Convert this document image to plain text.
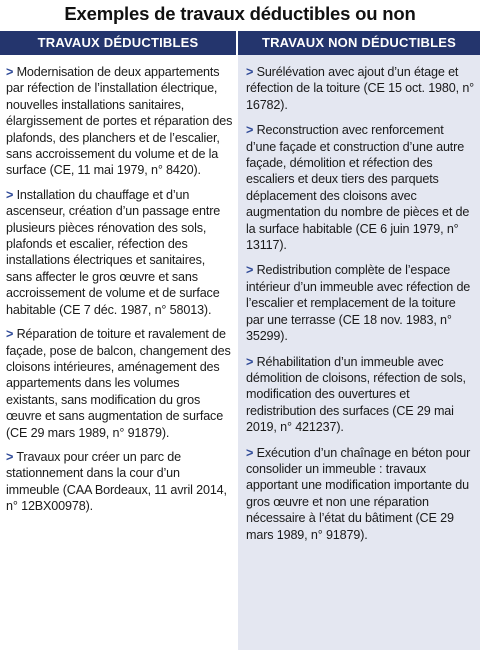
Exemples de travaux déductibles ou non
TRAVAUX DÉDUCTIBLES

> Modernisation de deux appartements par réfection de l’installation électrique, nouvelles installations sanitaires, élargissement de portes et réparation des plafonds, des planchers et de l’escalier, sans accroissement du volume et de la surface (CE, 11 mai 1979, n° 8420).

> Installation du chauffage et d’un ascenseur, création d’un passage entre plusieurs pièces rénovation des sols, plafonds et escalier, réfection des installations électriques et sanitaires, sans affecter le gros œuvre et sans accroissement de volume et de surface habitable (CE 7 déc. 1987, n° 58013).

> Réparation de toiture et ravalement de façade, pose de balcon, changement des cloisons intérieures, aménagement des appartements dans les volumes existants, sans modification du gros œuvre et sans augmentation de surface (CE 29 mars 1989, n° 91879).

> Travaux pour créer un parc de stationnement dans la cour d’un immeuble (CAA Bordeaux, 11 avril 2014, n° 12BX00978).

TRAVAUX NON DÉDUCTIBLES

> Surélévation avec ajout d’un étage et réfection de la toiture (CE 15 oct. 1980, n° 16782).

> Reconstruction avec renforcement d’une façade et construction d’une autre façade, démolition et réfection des escaliers et deux tiers des parquets déplacement des cloisons avec augmentation du nombre de pièces et de la surface habitable (CE 6 juin 1979, n° 13117).

> Redistribution complète de l’espace intérieur d’un immeuble avec réfection de l’escalier et remplacement de la toiture par une terrasse (CE 18 nov. 1983, n° 35299).

> Réhabilitation d’un immeuble avec démolition de cloisons, réfection de sols, modification des ouvertures et redistribution des surfaces (CE 29 mai 2019, n° 421237).

> Exécution d’un chaînage en béton pour consolider un immeuble : travaux apportant une modification importante du gros œuvre et non une réparation nécessaire à l’état du bâtiment (CE 29 mars 1989, n° 91879).
